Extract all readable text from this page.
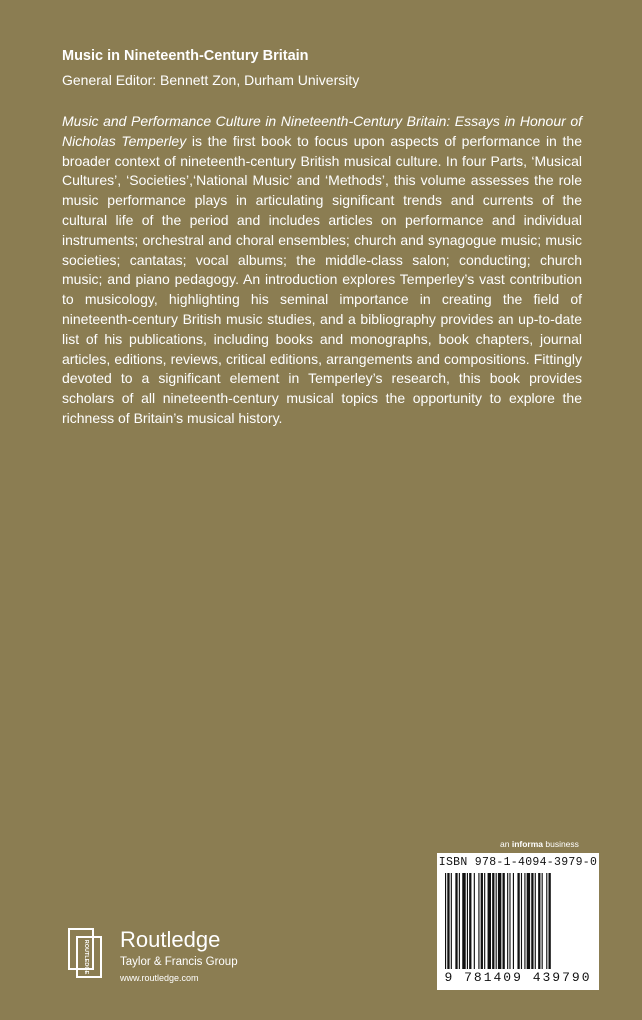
Music in Nineteenth-Century Britain
General Editor: Bennett Zon, Durham University

Music and Performance Culture in Nineteenth-Century Britain: Essays in Honour of Nicholas Temperley is the first book to focus upon aspects of performance in the broader context of nineteenth-century British musical culture. In four Parts, ‘Musical Cultures’, ‘Societies’,‘National Music’ and ‘Methods’, this volume assesses the role music performance plays in articulating significant trends and currents of the cultural life of the period and includes articles on performance and individual instruments; orchestral and choral ensembles; church and synagogue music; music societies; cantatas; vocal albums; the middle-class salon; conducting; church music; and piano pedagogy. An introduction explores Temperley’s vast contribution to musicology, highlighting his seminal importance in creating the field of nineteenth-century British music studies, and a bibliography provides an up-to-date list of his publications, including books and monographs, book chapters, journal articles, editions, reviews, critical editions, arrangements and compositions. Fittingly devoted to a significant element in Temperley’s research, this book provides scholars of all nineteenth-century musical topics the opportunity to explore the richness of Britain’s musical history.

an informa business
ISBN 978-1-4094-3979-0
9 781409 439790
ROUTLEDGE
Routledge
Taylor & Francis Group
www.routledge.com
